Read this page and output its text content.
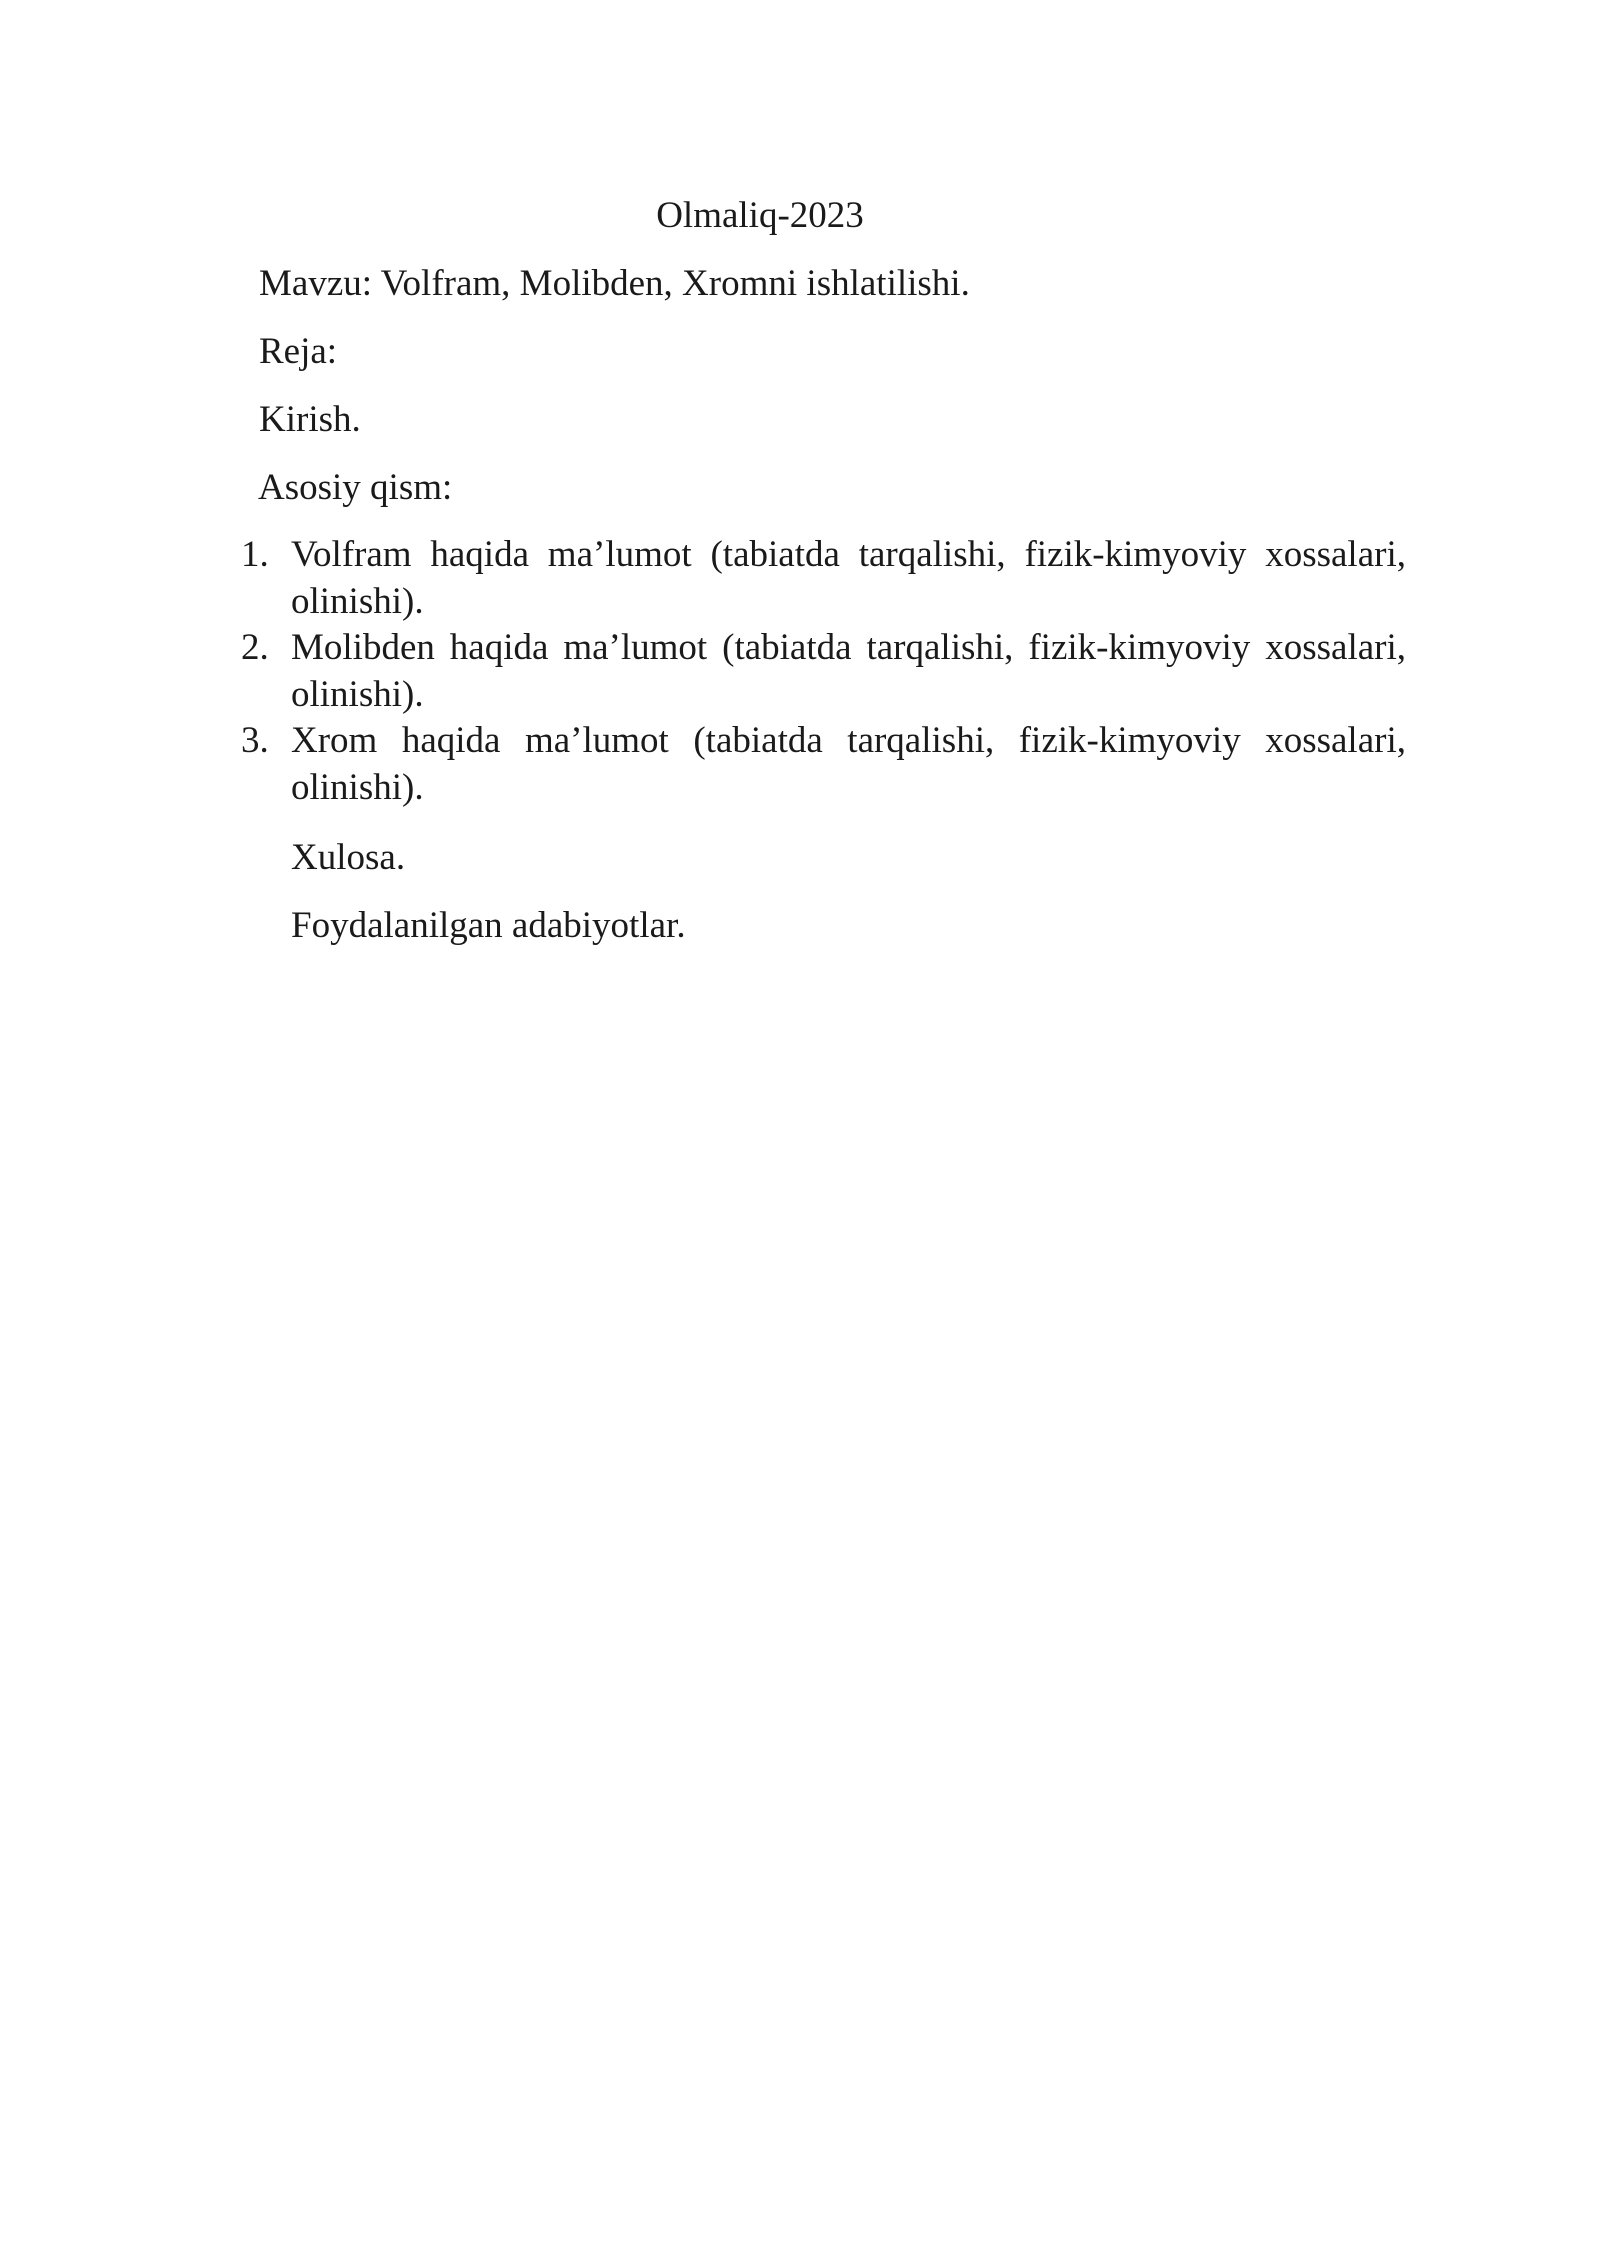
Olmaliq-2023

Mavzu: Volfram, Molibden, Xromni ishlatilishi.

Reja:

Kirish.

Asosiy qism:

1. Volfram haqida ma’lumot (tabiatda tarqalishi, fizik-kimyoviy xossalari, olinishi).
2. Molibden haqida ma’lumot (tabiatda tarqalishi, fizik-kimyoviy xossalari, olinishi).
3. Xrom haqida ma’lumot (tabiatda tarqalishi, fizik-kimyoviy xossalari, olinishi).

Xulosa.

Foydalanilgan adabiyotlar.
